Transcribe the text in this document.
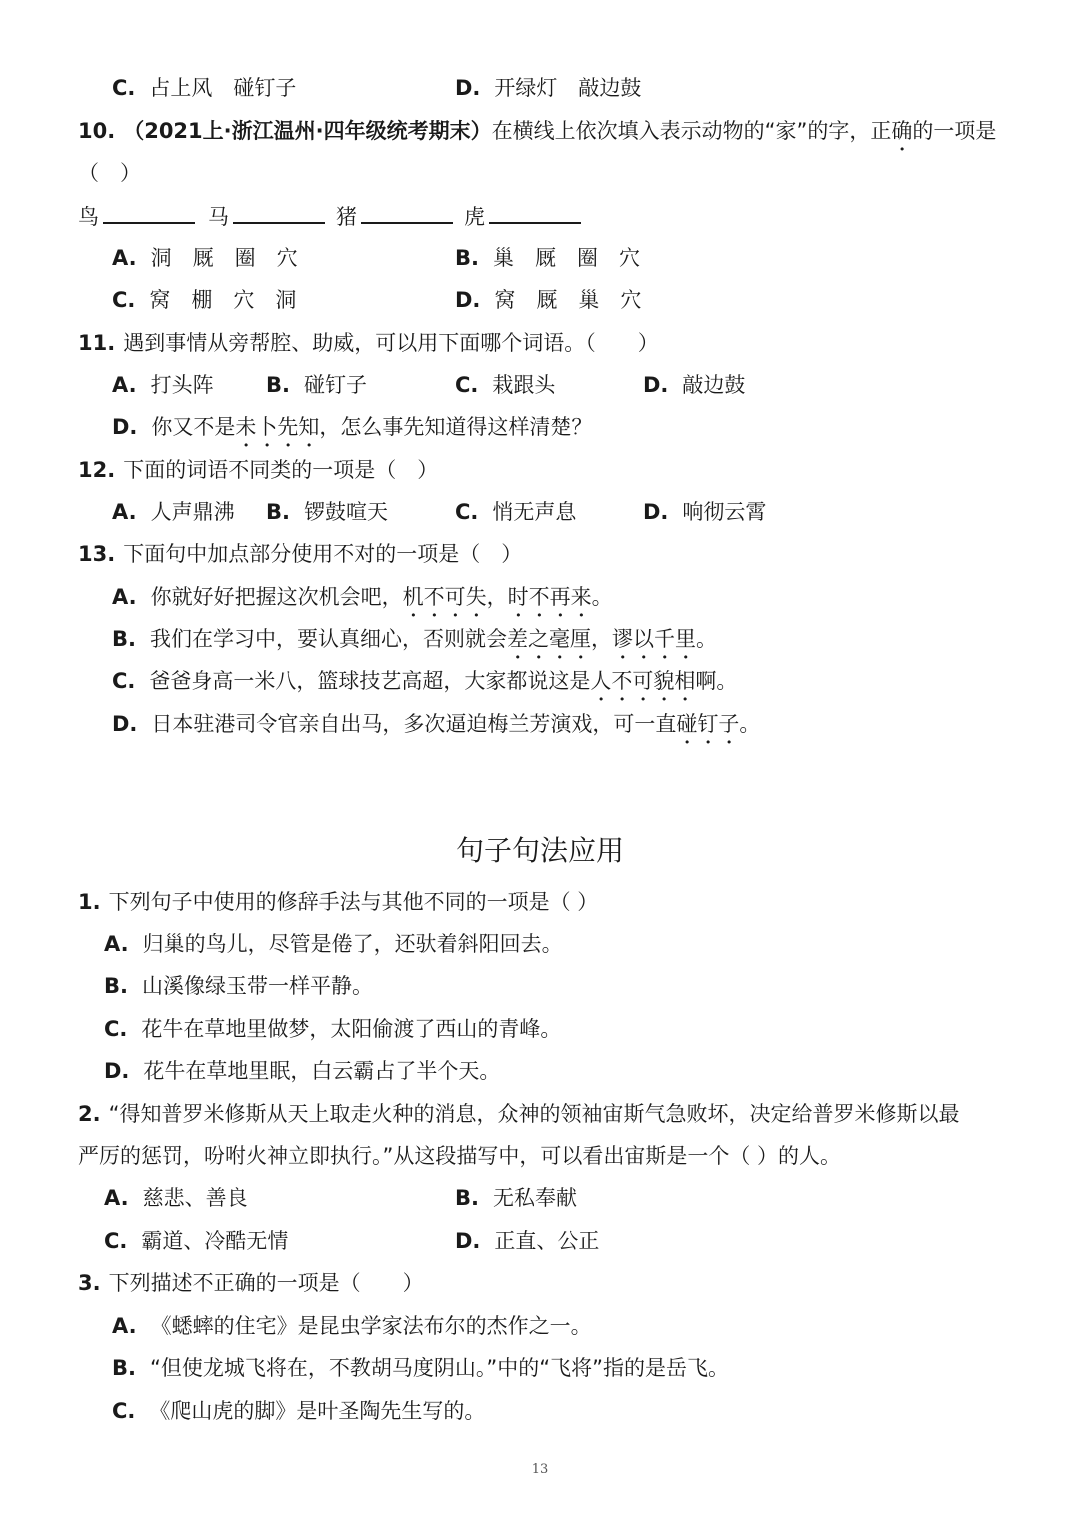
C. 占上风　碰钉子	D. 开绿灯　敲边鼓
10. （2021上·浙江温州·四年级统考期末）在横线上依次填入表示动物的“家”的字，正确的一项是
（　）
鸟	马	猪	虎
A. 洞　厩　圈　穴	B. 巢　厩　圈　穴
C. 窝　棚　穴　洞	D. 窝　厩　巢　穴
11. 遇到事情从旁帮腔、助威，可以用下面哪个词语。（　　）
A. 打头阵 B. 碰钉子	C. 栽跟头	D. 敲边鼓
D. 你又不是未卜先知，怎么事先知道得这样清楚？
12. 下面的词语不同类的一项是（　）
A. 人声鼎沸 B. 锣鼓喧天	C. 悄无声息	D. 响彻云霄
13. 下面句中加点部分使用不对的一项是（　）
A. 你就好好把握这次机会吧，机不可失，时不再来。
B. 我们在学习中，要认真细心，否则就会差之毫厘，谬以千里。
C. 爸爸身高一米八，篮球技艺高超，大家都说这是人不可貌相啊。
D. 日本驻港司令官亲自出马，多次逼迫梅兰芳演戏，可一直碰钉子。
句子句法应用
1. 下列句子中使用的修辞手法与其他不同的一项是（ ）
A. 归巢的鸟儿，尽管是倦了，还驮着斜阳回去。
B. 山溪像绿玉带一样平静。
C. 花牛在草地里做梦，太阳偷渡了西山的青峰。
D. 花牛在草地里眠，白云霸占了半个天。
2. “得知普罗米修斯从天上取走火种的消息，众神的领袖宙斯气急败坏，决定给普罗米修斯以最
严厉的惩罚，吩咐火神立即执行。”从这段描写中，可以看出宙斯是一个（ ）的人。
A. 慈悲、善良	B. 无私奉献
C. 霸道、冷酷无情	D. 正直、公正
3. 下列描述不正确的一项是（　　）
A. 《蟋蟀的住宅》是昆虫学家法布尔的杰作之一。
B. “但使龙城飞将在，不教胡马度阴山。”中的“飞将”指的是岳飞。
C. 《爬山虎的脚》是叶圣陶先生写的。
13
